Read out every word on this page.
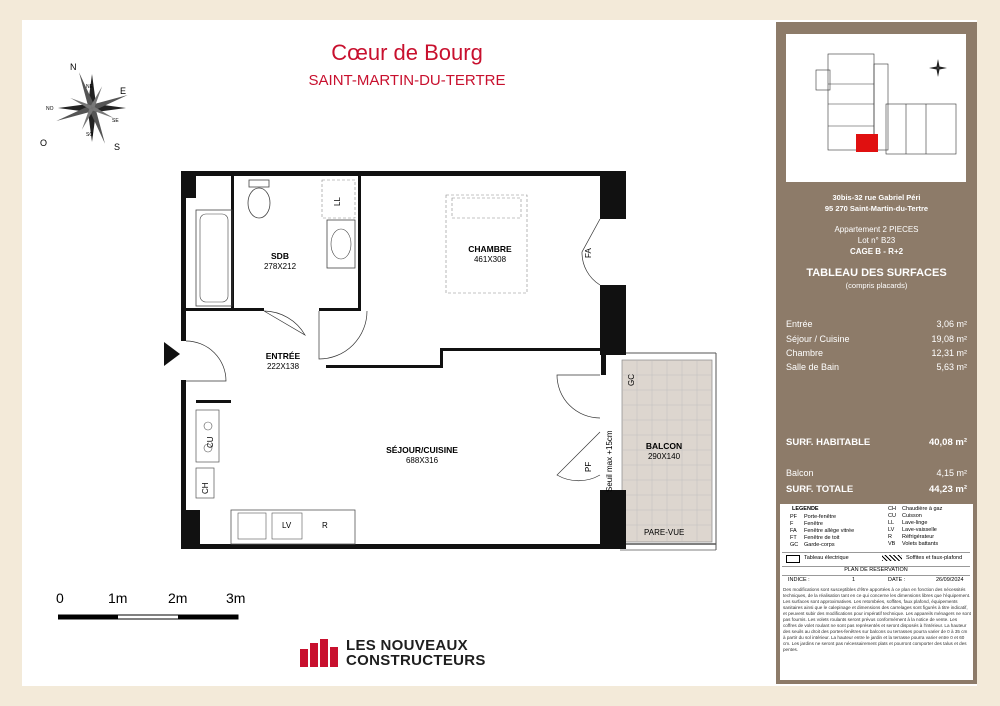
Cœur de Bourg
SAINT-MARTIN-DU-TERTRE
N
NE	E
SE
S
SO
O
NO
LL
FA
GC
PF Seuil max +15cm
CU
CH
LV	R
PARE-VUE
SDB
278X212
CHAMBRE
461X308
ENTRÉE
222X138
SÉJOUR/CUISINE
688X316
BALCON
290X140
0	1m	2m	3m
LES NOUVEAUX
CONSTRUCTEURS
30bis-32 rue Gabriel Péri
95 270 Saint-Martin-du-Tertre
Appartement 2 PIECES
Lot n° B23
CAGE B - R+2
TABLEAU DES SURFACES
(compris placards)
Entrée	3,06 m²
Séjour / Cuisine	19,08 m²
Chambre	12,31 m²
Salle de Bain	5,63 m²
SURF. HABITABLE	40,08 m²
Balcon	4,15 m²
SURF. TOTALE	44,23 m²
LEGENDE
PF Porte-fenêtre
F Fenêtre
FA Fenêtre allège vitrée
FT Fenêtre de toit
GC Garde-corps
CH Chaudière à gaz
CU Cuisson
LL Lave-linge
LV Lave-vaisselle
R Réfrigérateur
VB Volets battants
Tableau électrique	Soffites et faux-plafond
PLAN DE RESERVATION
INDICE :	1	DATE :	26/09/2024
Des modifications sont susceptibles d'être apportées à ce plan en fonction des nécessités techniques, de la réalisation tant en ce qui concerne les dimensions libres que l'équipement. Les surfaces sont approximatives. Les retombées, soffites, faux plafond, équipements sanitaires ainsi que le calepinage et dimensions des carrelages sont figurés à titre indicatif, et peuvent subir des modifications pour impératif technique. Les appareils ménagers ne sont pas fournis. Les volets roulants seront prévus conformément à la notice de vente. Les coffres de volet roulant ne sont pas représentés et seront disposés à l'intérieur. La hauteur des seuils au droit des portes-fenêtres sur balcons ou terrasses pourra varier de 0 à 35 cm à partir du sol intérieur. La hauteur entre le jardin et la terrasse pourra varier entre 0 et 60 cm. Les jardins ne seront pas nécessairement plats et pourront comporter des talus et des pentes.
